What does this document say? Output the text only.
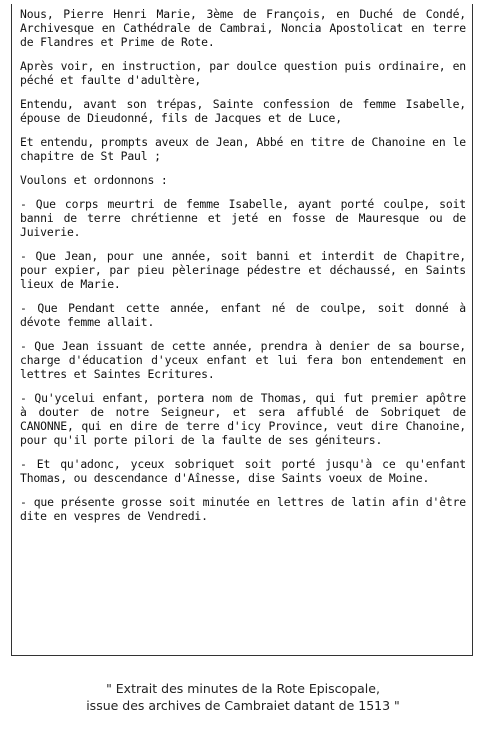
Nous, Pierre Henri Marie, 3ème de François, en Duché de Condé, Archivesque en Cathédrale de Cambrai, Noncia Apostolicat en terre de Flandres et Prime de Rote.

Après voir, en instruction, par doulce question puis ordinaire, en péché et faulte d'adultère,

Entendu, avant son trépas, Sainte confession de femme Isabelle, épouse de Dieudonné, fils de Jacques et de Luce,

Et entendu, prompts aveux de Jean, Abbé en titre de Chanoine en le chapitre de St Paul ;

Voulons et ordonnons :

- Que corps meurtri de femme Isabelle, ayant porté coulpe, soit banni de terre chrétienne et jeté en fosse de Mauresque ou de Juiverie.

- Que Jean, pour une année, soit banni et interdit de Chapitre, pour expier, par pieu pèlerinage pédestre et déchaussé, en Saints lieux de Marie.

- Que Pendant cette année, enfant né de coulpe, soit donné à dévote femme allait.

- Que Jean issuant de cette année, prendra à denier de sa bourse, charge d'éducation d'yceux enfant et lui fera bon entendement en lettres et Saintes Ecritures.

- Qu'ycelui enfant, portera nom de Thomas, qui fut premier apôtre à douter de notre Seigneur, et sera affublé de Sobriquet de CANONNE, qui en dire de terre d'icy Province, veut dire Chanoine, pour qu'il porte pilori de la faulte de ses géniteurs.

- Et qu'adonc, yceux sobriquet soit porté jusqu'à ce qu'enfant Thomas, ou descendance d'Aînesse, dise Saints voeux de Moine.

- que présente grosse soit minutée en lettres de latin afin d'être dite en vespres de Vendredi.

" Extrait des minutes de la Rote Episcopale,
issue des archives de Cambraiet datant de 1513 "
